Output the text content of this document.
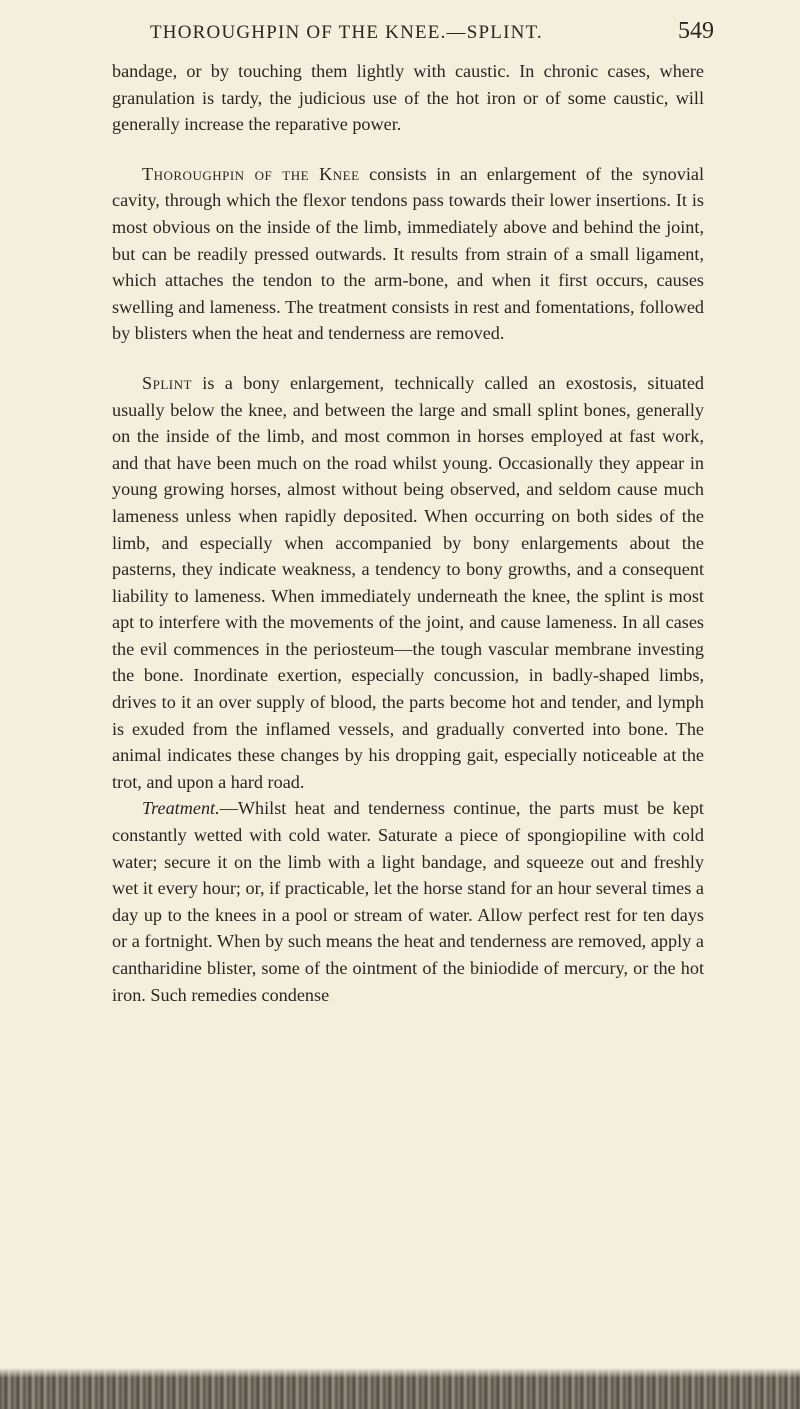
THOROUGHPIN OF THE KNEE.—SPLINT.	549

bandage, or by touching them lightly with caustic. In chronic cases, where granulation is tardy, the judicious use of the hot iron or of some caustic, will generally increase the reparative power.

Thoroughpin of the Knee consists in an enlargement of the synovial cavity, through which the flexor tendons pass towards their lower insertions. It is most obvious on the inside of the limb, immediately above and behind the joint, but can be readily pressed outwards. It results from strain of a small ligament, which attaches the tendon to the arm-bone, and when it first occurs, causes swelling and lameness. The treatment consists in rest and fomentations, followed by blisters when the heat and tenderness are removed.

Splint is a bony enlargement, technically called an exostosis, situated usually below the knee, and between the large and small splint bones, generally on the inside of the limb, and most common in horses employed at fast work, and that have been much on the road whilst young. Occasionally they appear in young growing horses, almost without being observed, and seldom cause much lameness unless when rapidly deposited. When occurring on both sides of the limb, and especially when accompanied by bony enlargements about the pasterns, they indicate weakness, a tendency to bony growths, and a consequent liability to lameness. When immediately underneath the knee, the splint is most apt to interfere with the movements of the joint, and cause lameness. In all cases the evil commences in the periosteum—the tough vascular membrane investing the bone. Inordinate exertion, especially concussion, in badly-shaped limbs, drives to it an over supply of blood, the parts become hot and tender, and lymph is exuded from the inflamed vessels, and gradually converted into bone. The animal indicates these changes by his dropping gait, especially noticeable at the trot, and upon a hard road.

Treatment.—Whilst heat and tenderness continue, the parts must be kept constantly wetted with cold water. Saturate a piece of spongiopiline with cold water; secure it on the limb with a light bandage, and squeeze out and freshly wet it every hour; or, if practicable, let the horse stand for an hour several times a day up to the knees in a pool or stream of water. Allow perfect rest for ten days or a fortnight. When by such means the heat and tenderness are removed, apply a cantharidine blister, some of the ointment of the biniodide of mercury, or the hot iron. Such remedies condense
